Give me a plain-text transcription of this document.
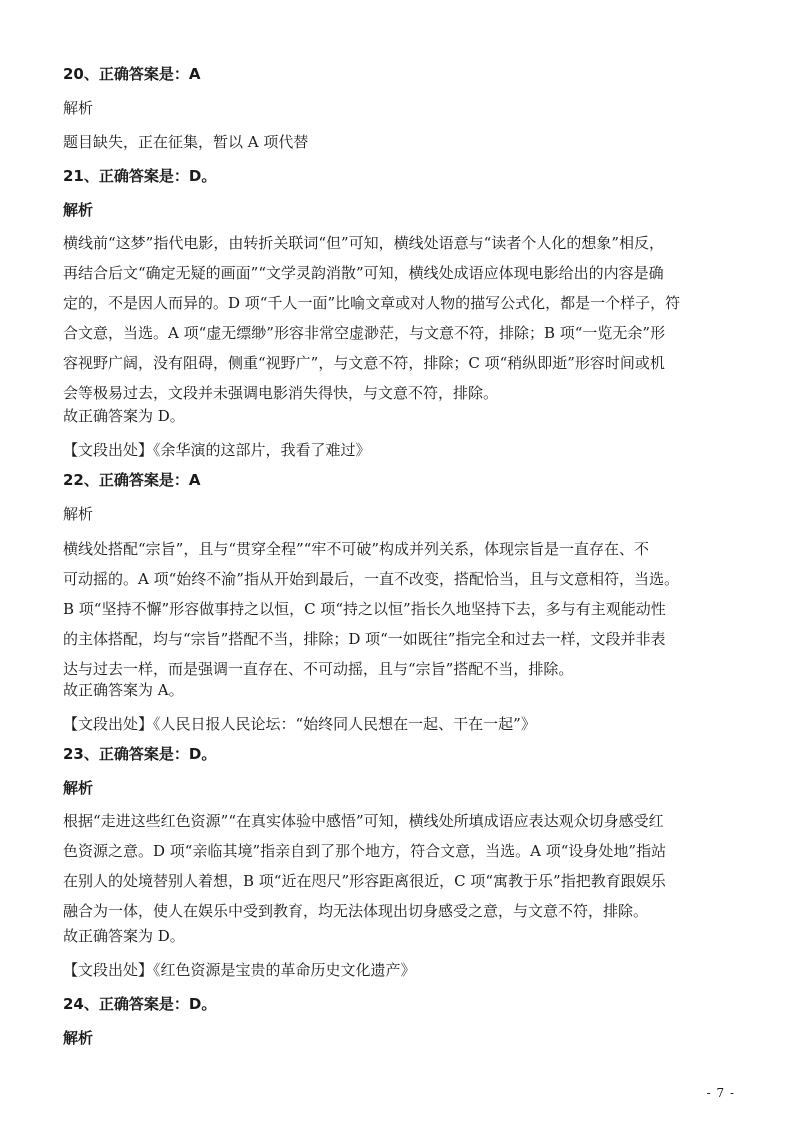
20、正确答案是：A
解析
题目缺失，正在征集，暂以 A 项代替
21、正确答案是：D。
解析
横线前“这梦”指代电影，由转折关联词“但”可知，横线处语意与“读者个人化的想象”相反，
再结合后文“确定无疑的画面”“文学灵韵消散”可知，横线处成语应体现电影给出的内容是确
定的，不是因人而异的。D 项“千人一面”比喻文章或对人物的描写公式化，都是一个样子，符
合文意，当选。A 项“虚无缥缈”形容非常空虚渺茫，与文意不符，排除；B 项“一览无余”形
容视野广阔，没有阻碍，侧重“视野广”，与文意不符，排除；C 项“稍纵即逝”形容时间或机
会等极易过去，文段并未强调电影消失得快，与文意不符，排除。
故正确答案为 D。
【文段出处】《余华演的这部片，我看了难过》
22、正确答案是：A
解析
横线处搭配“宗旨”，且与“贯穿全程”“牢不可破”构成并列关系，体现宗旨是一直存在、不
可动摇的。A 项“始终不渝”指从开始到最后，一直不改变，搭配恰当，且与文意相符，当选。
B 项“坚持不懈”形容做事持之以恒，C 项“持之以恒”指长久地坚持下去，多与有主观能动性
的主体搭配，均与“宗旨”搭配不当，排除；D 项“一如既往”指完全和过去一样，文段并非表
达与过去一样，而是强调一直存在、不可动摇，且与“宗旨”搭配不当，排除。
故正确答案为 A。
【文段出处】《人民日报人民论坛：“始终同人民想在一起、干在一起”》
23、正确答案是：D。
解析
根据“走进这些红色资源”“在真实体验中感悟”可知，横线处所填成语应表达观众切身感受红
色资源之意。D 项“亲临其境”指亲自到了那个地方，符合文意，当选。A 项“设身处地”指站
在别人的处境替别人着想，B 项“近在咫尺”形容距离很近，C 项“寓教于乐”指把教育跟娱乐
融合为一体，使人在娱乐中受到教育，均无法体现出切身感受之意，与文意不符，排除。
故正确答案为 D。
【文段出处】《红色资源是宝贵的革命历史文化遗产》
24、正确答案是：D。
解析
- 7 -
